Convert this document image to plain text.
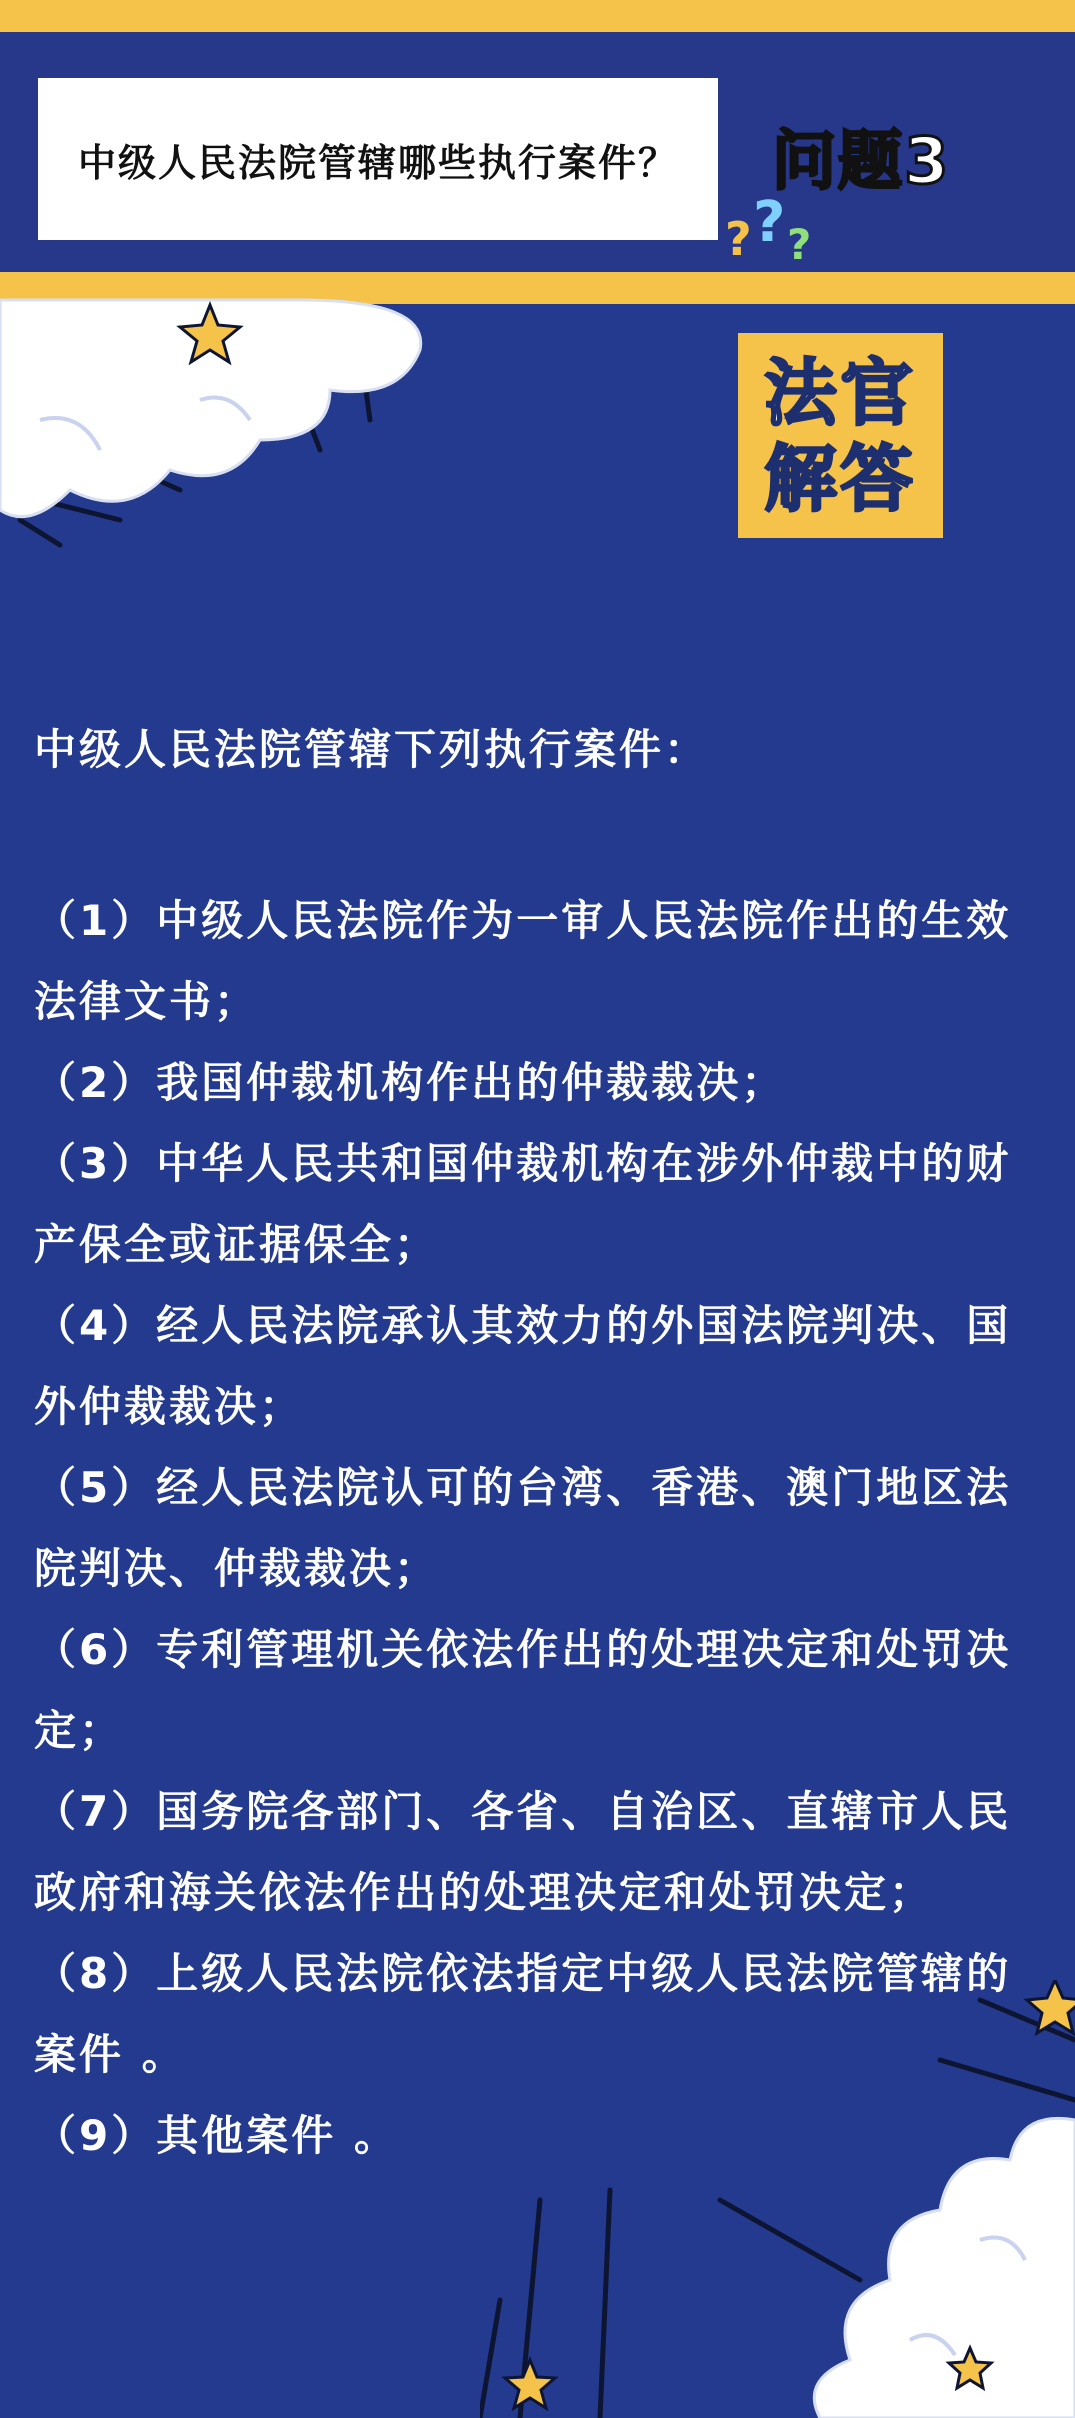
中级人民法院管辖哪些执行案件？ 问题3
? ? ?
法官
解答

中级人民法院管辖下列执行案件：

（1）中级人民法院作为一审人民法院作出的生效法律文书；

（2）我国仲裁机构作出的仲裁裁决；

（3）中华人民共和国仲裁机构在涉外仲裁中的财产保全或证据保全；

（4）经人民法院承认其效力的外国法院判决、国外仲裁裁决；

（5）经人民法院认可的台湾、香港、澳门地区法院判决、仲裁裁决；

（6）专利管理机关依法作出的处理决定和处罚决定；

（7）国务院各部门、各省、自治区、直辖市人民政府和海关依法作出的处理决定和处罚决定；

（8）上级人民法院依法指定中级人民法院管辖的案件 。

（9）其他案件 。
